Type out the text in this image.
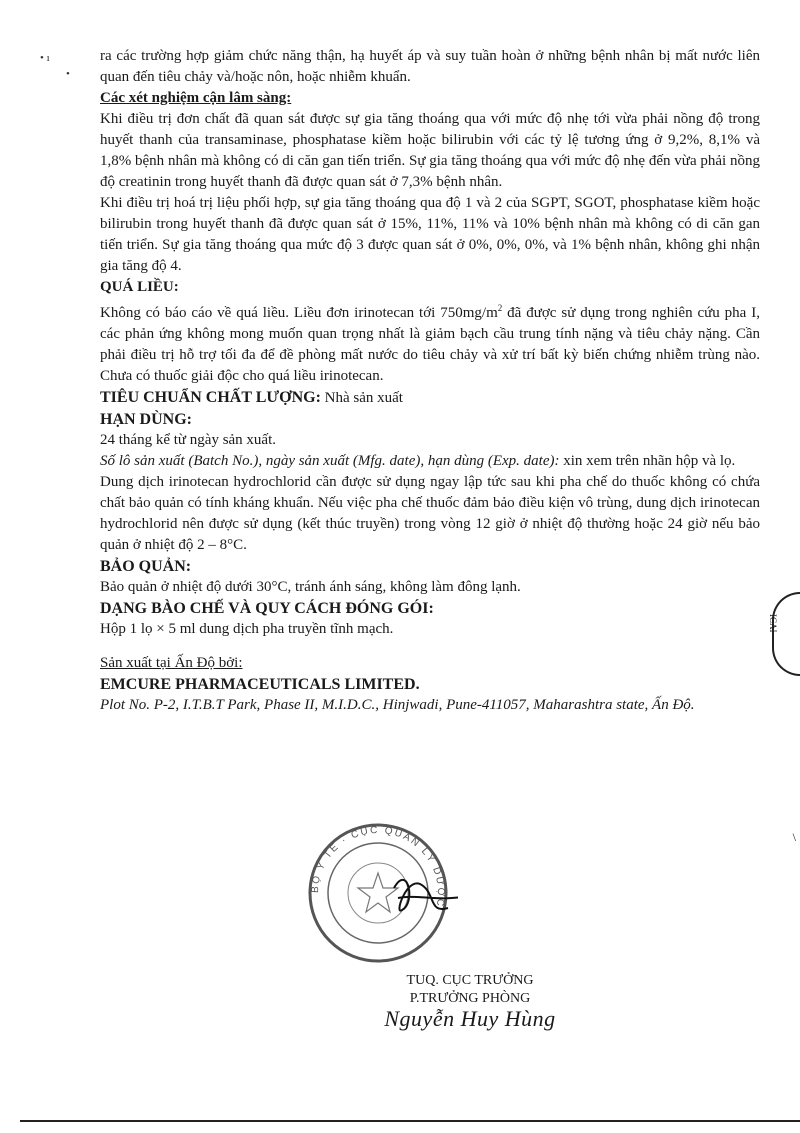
• ı
•

ra các trường hợp giảm chức năng thận, hạ huyết áp và suy tuần hoàn ở những bệnh nhân bị mất nước liên quan đến tiêu chảy và/hoặc nôn, hoặc nhiễm khuẩn.

Các xét nghiệm cận lâm sàng:

Khi điều trị đơn chất đã quan sát được sự gia tăng thoáng qua với mức độ nhẹ tới vừa phải nồng độ trong huyết thanh của transaminase, phosphatase kiềm hoặc bilirubin với các tỷ lệ tương ứng ở 9,2%, 8,1% và 1,8% bệnh nhân mà không có di căn gan tiến triển. Sự gia tăng thoáng qua với mức độ nhẹ đến vừa phải nồng độ creatinin trong huyết thanh đã được quan sát ở 7,3% bệnh nhân.

Khi điều trị hoá trị liệu phối hợp, sự gia tăng thoáng qua độ 1 và 2 của SGPT, SGOT, phosphatase kiềm hoặc bilirubin trong huyết thanh đã được quan sát ở 15%, 11%, 11% và 10% bệnh nhân mà không có di căn gan tiến triển. Sự gia tăng thoáng qua mức độ 3 được quan sát ở 0%, 0%, 0%, và 1% bệnh nhân, không ghi nhận gia tăng độ 4.

QUÁ LIỀU:

Không có báo cáo về quá liều. Liều đơn irinotecan tới $750mg/m^2$ đã được sử dụng trong nghiên cứu pha I, các phản ứng không mong muốn quan trọng nhất là giảm bạch cầu trung tính nặng và tiêu chảy nặng. Cần phải điều trị hỗ trợ tối đa để đề phòng mất nước do tiêu chảy và xử trí bất kỳ biến chứng nhiễm trùng nào. Chưa có thuốc giải độc cho quá liều irinotecan.

TIÊU CHUẨN CHẤT LƯỢNG: Nhà sản xuất

HẠN DÙNG:

24 tháng kể từ ngày sản xuất.

Số lô sản xuất (Batch No.), ngày sản xuất (Mfg. date), hạn dùng (Exp. date): xin xem trên nhãn hộp và lọ.

Dung dịch irinotecan hydrochlorid cần được sử dụng ngay lập tức sau khi pha chế do thuốc không có chứa chất bảo quản có tính kháng khuẩn. Nếu việc pha chế thuốc đảm bảo điều kiện vô trùng, dung dịch irinotecan hydrochlorid nên được sử dụng (kết thúc truyền) trong vòng 12 giờ ở nhiệt độ thường hoặc 24 giờ nếu bảo quản ở nhiệt độ 2 – 8°C.

BẢO QUẢN:

Bảo quản ở nhiệt độ dưới 30°C, tránh ánh sáng, không làm đông lạnh.

DẠNG BÀO CHẾ VÀ QUY CÁCH ĐÓNG GÓI:

Hộp 1 lọ × 5 ml dung dịch pha truyền tĩnh mạch.

Sản xuất tại Ấn Độ bởi:

EMCURE PHARMACEUTICALS LIMITED.

Plot No. P-2, I.T.B.T Park, Phase II, M.I.D.C., Hinjwadi, Pune-411057, Maharashtra state, Ấn Độ.

ICAI
\
BỘ Y TẾ · CỤC QUẢN LÝ DƯỢC
TUQ. CỤC TRƯỞNG
P.TRƯỞNG PHÒNG
Nguyễn Huy Hùng
